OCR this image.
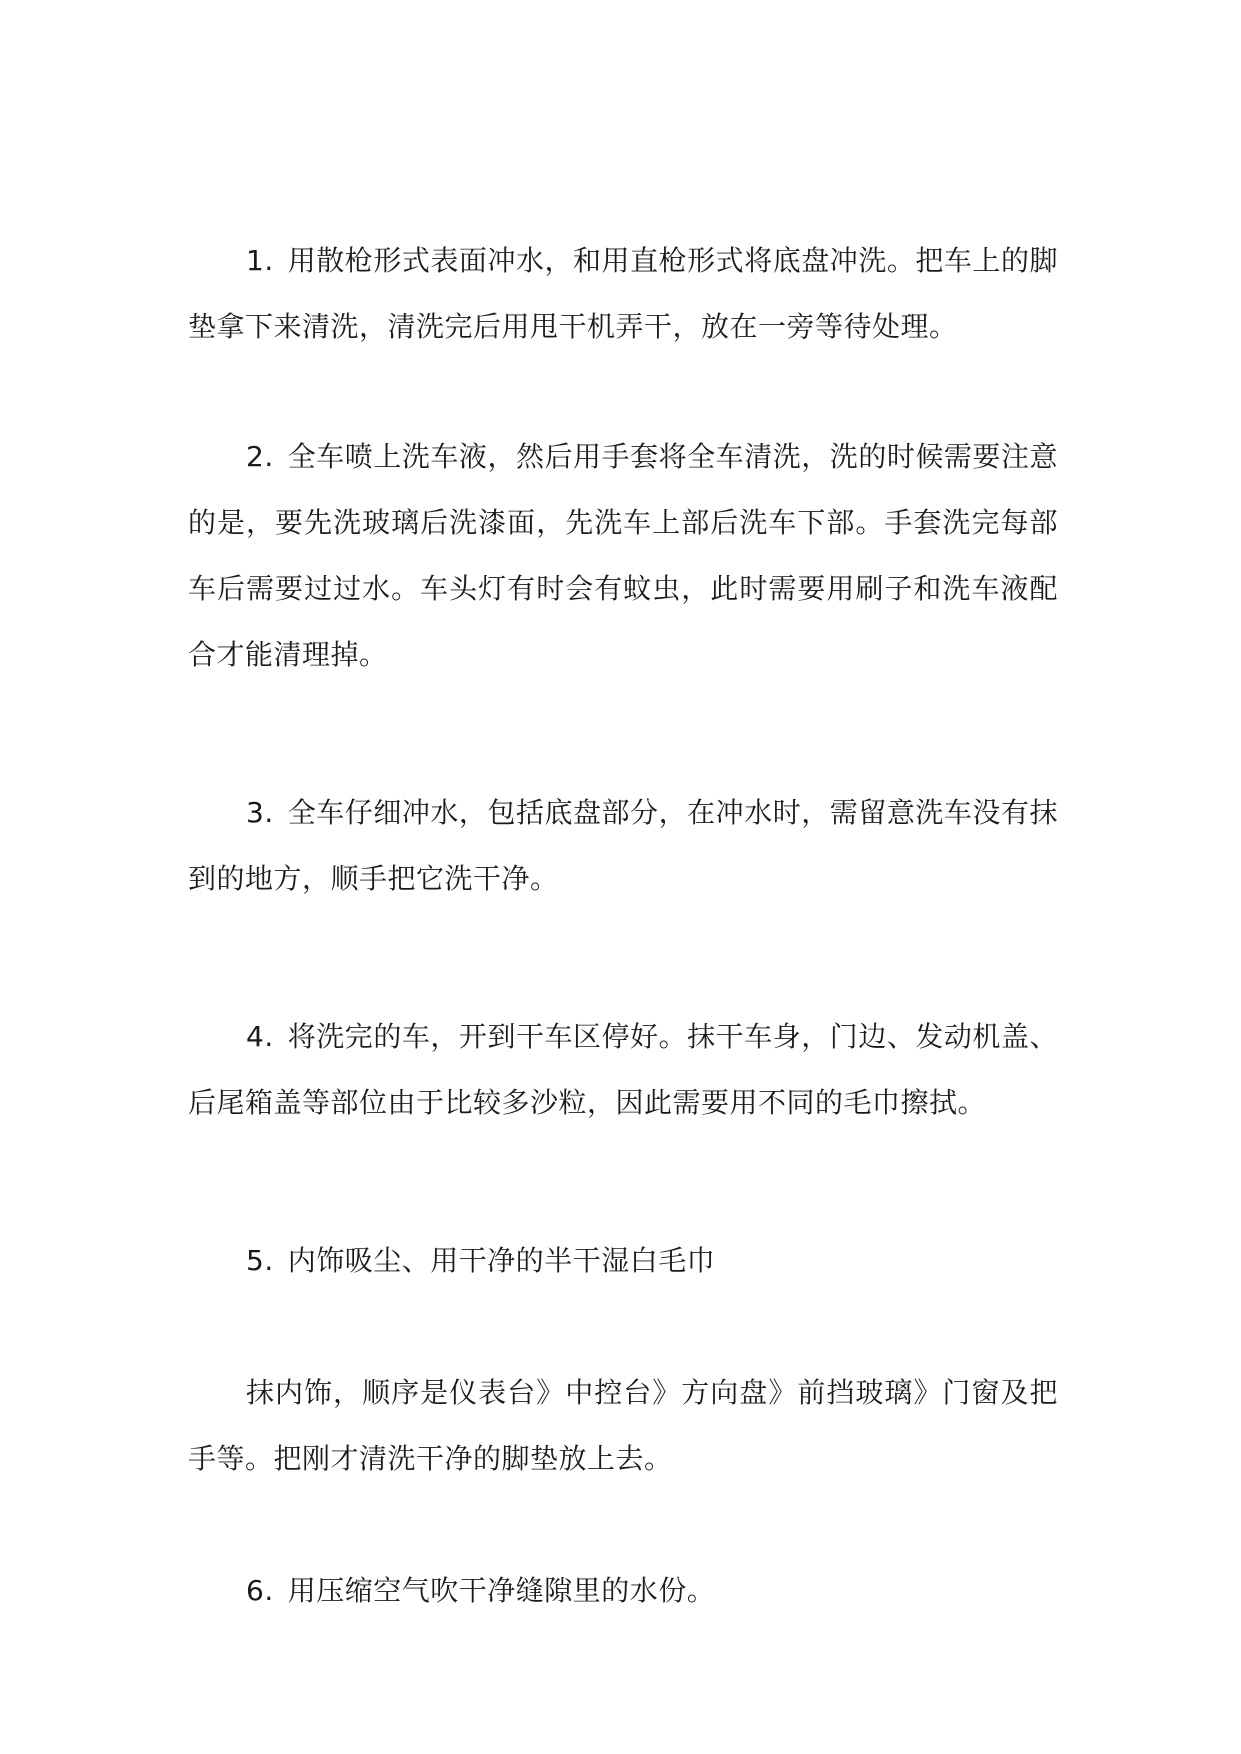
1. 用散枪形式表面冲水，和用直枪形式将底盘冲洗。把车上的脚垫拿下来清洗，清洗完后用甩干机弄干，放在一旁等待处理。

2. 全车喷上洗车液，然后用手套将全车清洗，洗的时候需要注意的是，要先洗玻璃后洗漆面，先洗车上部后洗车下部。手套洗完每部车后需要过过水。车头灯有时会有蚊虫，此时需要用刷子和洗车液配合才能清理掉。

3. 全车仔细冲水，包括底盘部分，在冲水时，需留意洗车没有抹到的地方，顺手把它洗干净。

4. 将洗完的车，开到干车区停好。抹干车身，门边、发动机盖、后尾箱盖等部位由于比较多沙粒，因此需要用不同的毛巾擦拭。

5. 内饰吸尘、用干净的半干湿白毛巾

抹内饰，顺序是仪表台》中控台》方向盘》前挡玻璃》门窗及把手等。把刚才清洗干净的脚垫放上去。

6. 用压缩空气吹干净缝隙里的水份。
